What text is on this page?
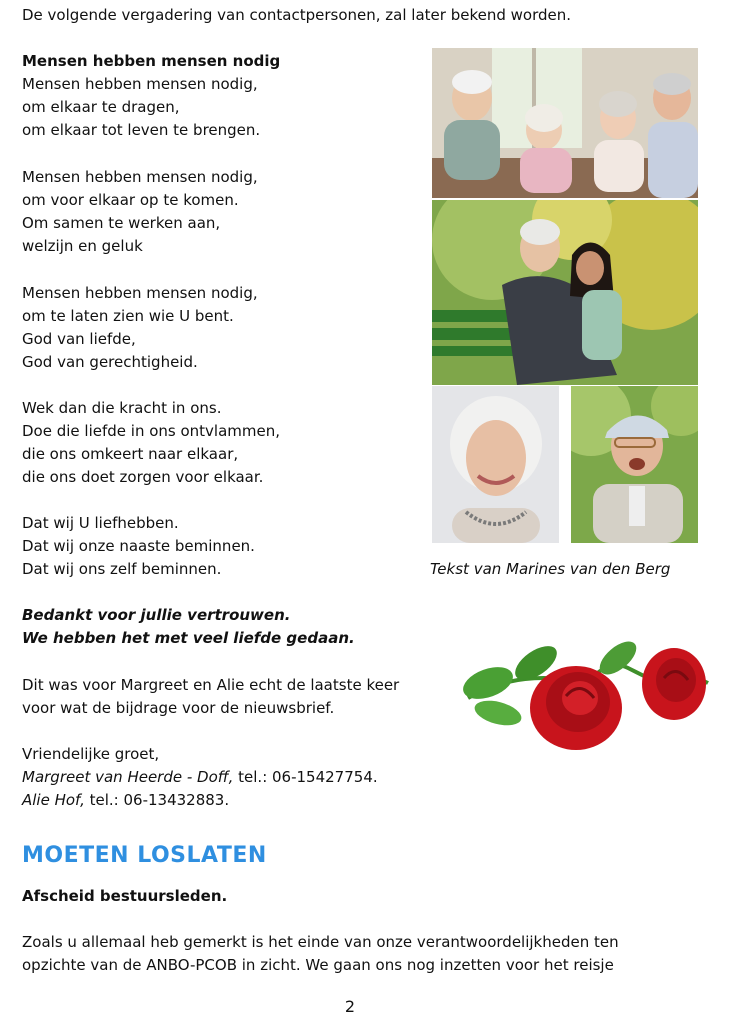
De volgende vergadering van contactpersonen, zal later bekend worden.
Mensen hebben mensen nodig
Mensen hebben mensen nodig,
om elkaar te dragen,
om elkaar tot leven te brengen.
Mensen hebben mensen nodig,
om voor elkaar op te komen.
Om samen te werken aan,
welzijn en geluk
Mensen hebben mensen nodig,
om te laten zien wie U bent.
God van liefde,
God van gerechtigheid.
Wek dan die kracht in ons.
Doe die liefde in ons ontvlammen,
die ons omkeert naar elkaar,
die ons doet zorgen voor elkaar.
Dat wij U liefhebben.
Dat wij onze naaste beminnen.
Dat wij ons zelf beminnen.	Tekst van Marines van den Berg
Bedankt voor jullie vertrouwen.
We hebben het met veel liefde gedaan.
Dit was voor Margreet en Alie echt de laatste keer
voor wat de bijdrage voor de nieuwsbrief.
Vriendelijke groet,
Margreet van Heerde - Doff, tel.: 06-15427754.
Alie Hof, tel.: 06-13432883.
MOETEN LOSLATEN
Afscheid bestuursleden.
Zoals u allemaal heb gemerkt is het einde van onze verantwoordelijkheden ten
opzichte van de ANBO-PCOB in zicht. We gaan ons nog inzetten voor het reisje
2
